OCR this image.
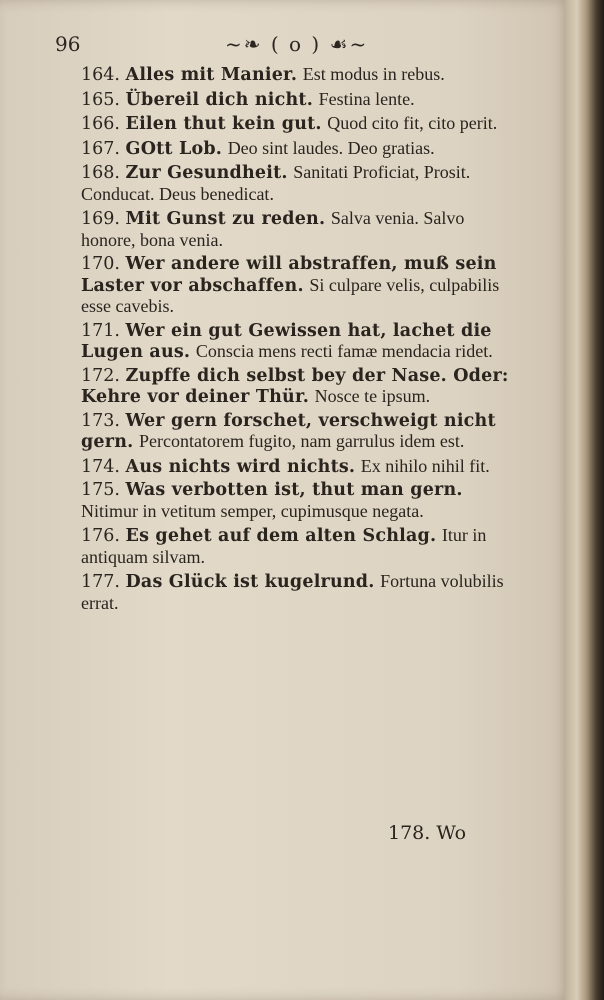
96	~❧ ( o ) ☙~

164. Alles mit Manier. Est modus in rebus.

165. Übereil dich nicht. Festina lente.

166. Eilen thut kein gut. Quod cito fit, cito perit.

167. GOtt Lob. Deo sint laudes. Deo gratias.

168. Zur Gesundheit. Sanitati Proficiat, Prosit. Conducat. Deus benedicat.

169. Mit Gunst zu reden. Salva venia. Salvo honore, bona venia.

170. Wer andere will abstraffen, muß sein Laster vor abschaffen. Si culpare velis, culpabilis esse cavebis.

171. Wer ein gut Gewissen hat, lachet die Lugen aus. Conscia mens recti famæ mendacia ridet.

172. Zupffe dich selbst bey der Nase. Oder: Kehre vor deiner Thür. Nosce te ipsum.

173. Wer gern forschet, verschweigt nicht gern. Percontatorem fugito, nam garrulus idem est.

174. Aus nichts wird nichts. Ex nihilo nihil fit.

175. Was verbotten ist, thut man gern. Nitimur in vetitum semper, cupimusque negata.

176. Es gehet auf dem alten Schlag. Itur in antiquam silvam.

177. Das Glück ist kugelrund. Fortuna volubilis errat.

178. Wo
